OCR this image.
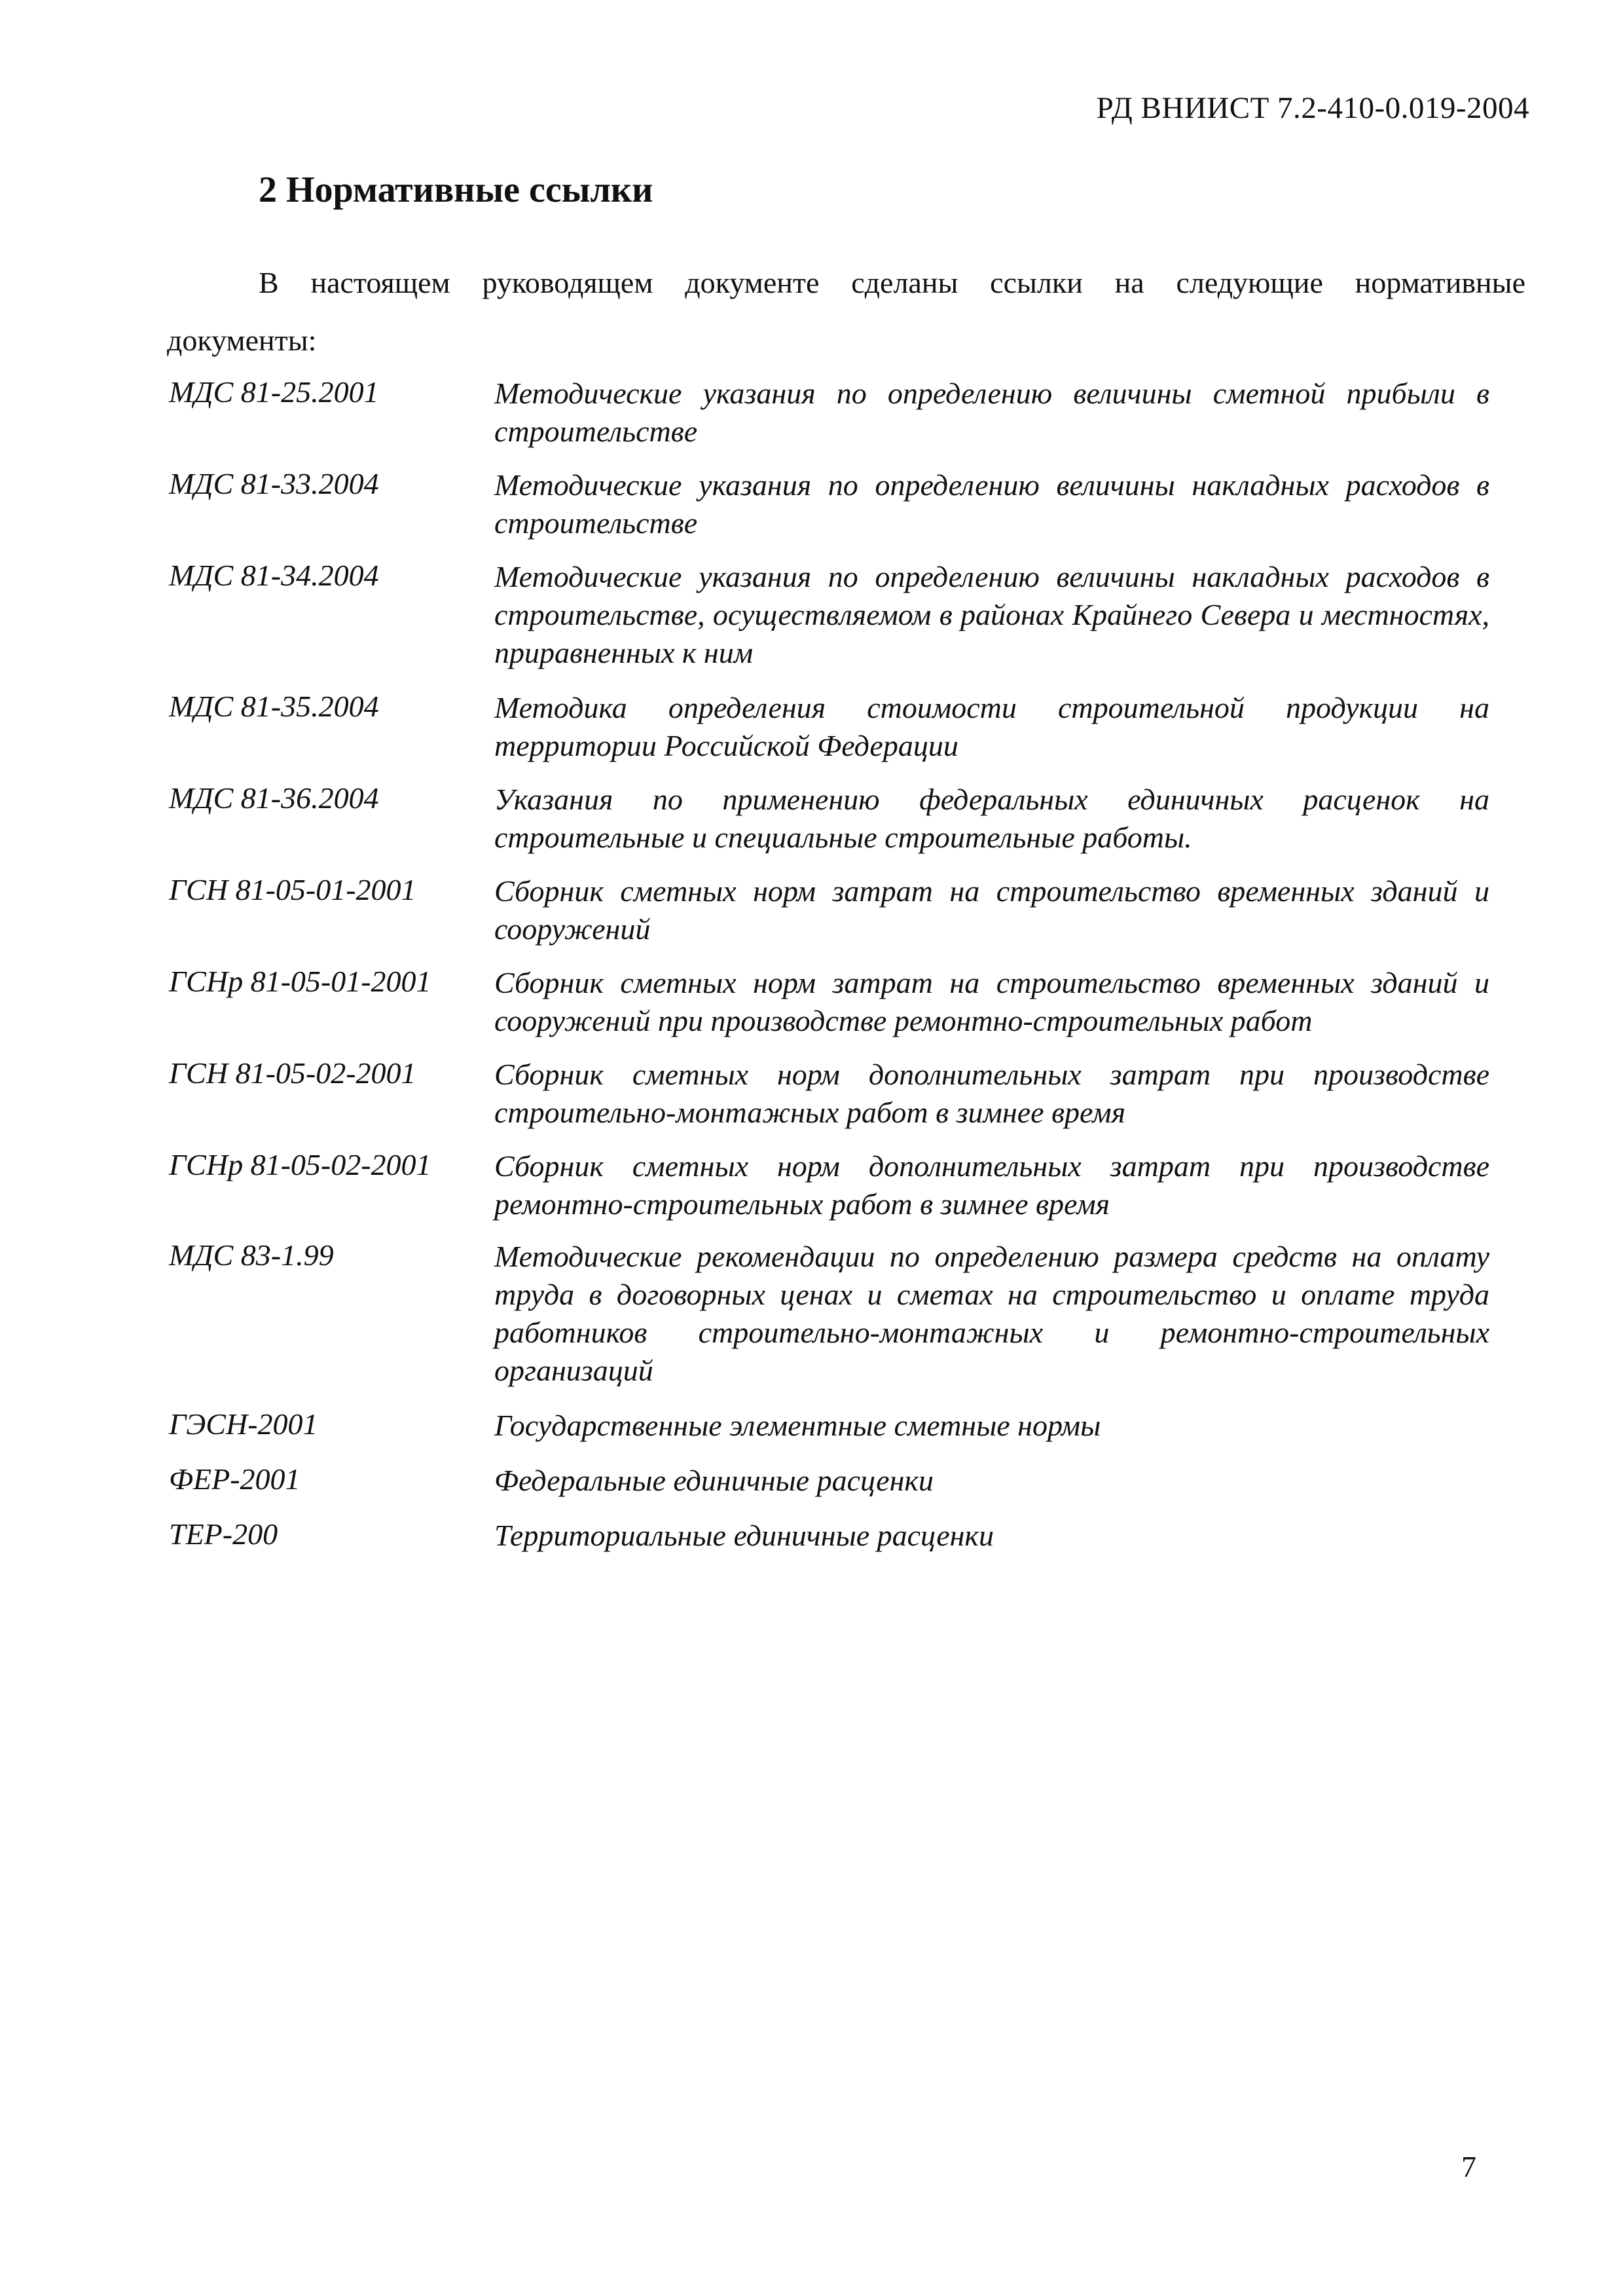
РД ВНИИСТ 7.2-410-0.019-2004
2 Нормативные ссылки
В настоящем руководящем документе сделаны ссылки на следующие нормативные
документы:
МДС 81-25.2001	Методические указания по определению величины сметной прибыли в строительстве
МДС 81-33.2004	Методические указания по определению величины накладных расходов в строительстве
МДС 81-34.2004	Методические указания по определению величины накладных расходов в строительстве, осуществляемом в районах Крайнего Севера и местностях, приравненных к ним
МДС 81-35.2004	Методика определения стоимости строительной продукции на территории Российской Федерации
МДС 81-36.2004	Указания по применению федеральных единичных расценок на строительные и специальные строительные работы.
ГСН 81-05-01-2001	Сборник сметных норм затрат на строительство временных зданий и сооружений
ГСНр 81-05-01-2001 Сборник сметных норм затрат на строительство временных зданий и сооружений при производстве ремонтно-строительных работ
ГСН 81-05-02-2001	Сборник сметных норм дополнительных затрат при производстве строительно-монтажных работ в зимнее время
ГСНр 81-05-02-2001 Сборник сметных норм дополнительных затрат при производстве ремонтно-строительных работ в зимнее время
МДС 83-1.99	Методические рекомендации по определению размера средств на оплату труда в договорных ценах и сметах на строительство и оплате труда работников строительно-монтажных и ремонтно-строительных организаций
ГЭСН-2001	Государственные элементные сметные нормы
ФЕР-2001	Федеральные единичные расценки
ТЕР-200	Территориальные единичные расценки
7
